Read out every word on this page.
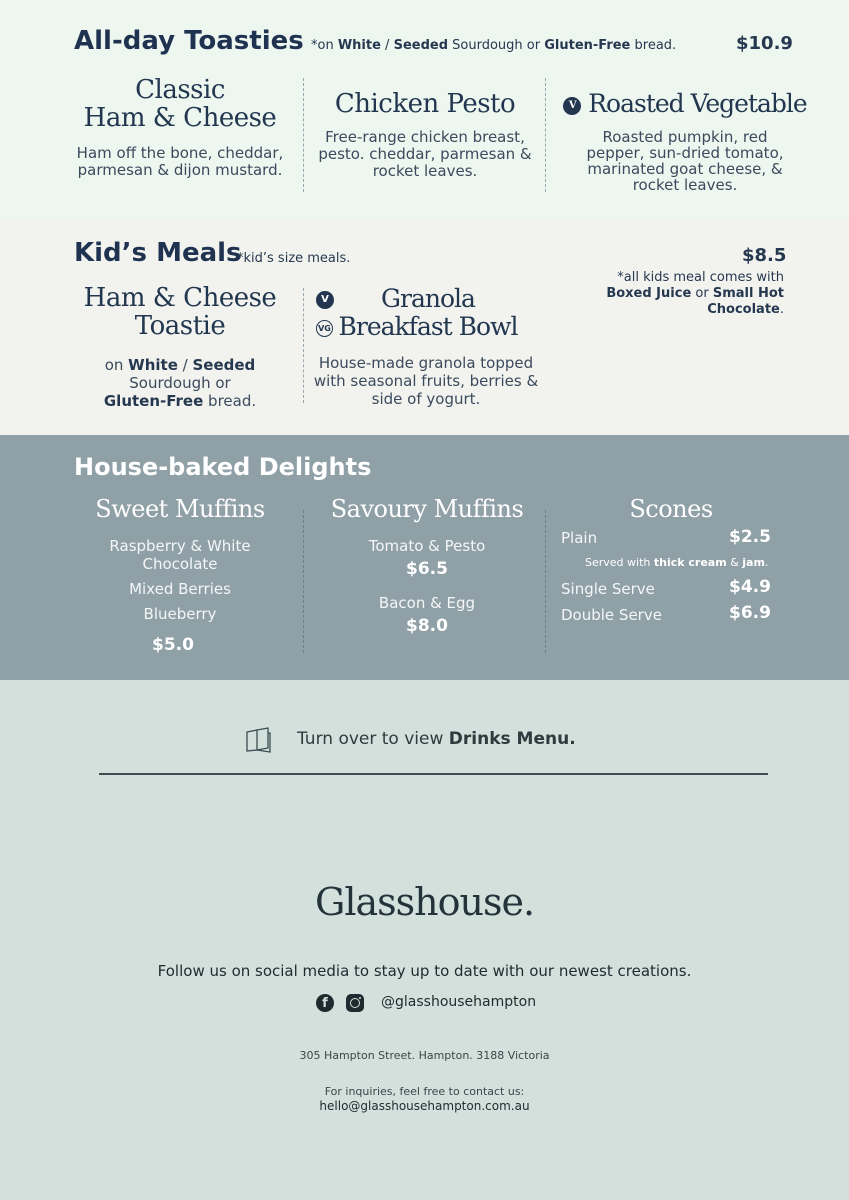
All-day Toasties *on White / Seeded Sourdough or Gluten-Free bread.	$10.9
Classic
Ham & Cheese
Ham off the bone, cheddar, parmesan & dijon mustard.
Chicken Pesto
Free-range chicken breast, pesto. cheddar, parmesan & rocket leaves.
V Roasted Vegetable
Roasted pumpkin, red pepper, sun-dried tomato, marinated goat cheese, & rocket leaves.
Kid’s Meals
*kid’s size meals.	$8.5
*all kids meal comes with
Boxed Juice or Small Hot
Chocolate.
Ham & Cheese
Toastie
on White / Seeded
Sourdough or
Gluten-Free bread.
V
VG
Granola
Breakfast Bowl
House-made granola topped with seasonal fruits, berries & side of yogurt.
House-baked Delights
Sweet Muffins
Raspberry & White Chocolate
Mixed Berries
Blueberry
$5.0
Savoury Muffins
Tomato & Pesto
$6.5
Bacon & Egg
$8.0
Scones
Plain	$2.5
Served with thick cream & jam.
Single Serve	$4.9
Double Serve	$6.9
Turn over to view Drinks Menu.
Glasshouse.
Follow us on social media to stay up to date with our newest creations.
f	@glasshousehampton
305 Hampton Street. Hampton. 3188 Victoria
For inquiries, feel free to contact us:
hello@glasshousehampton.com.au
